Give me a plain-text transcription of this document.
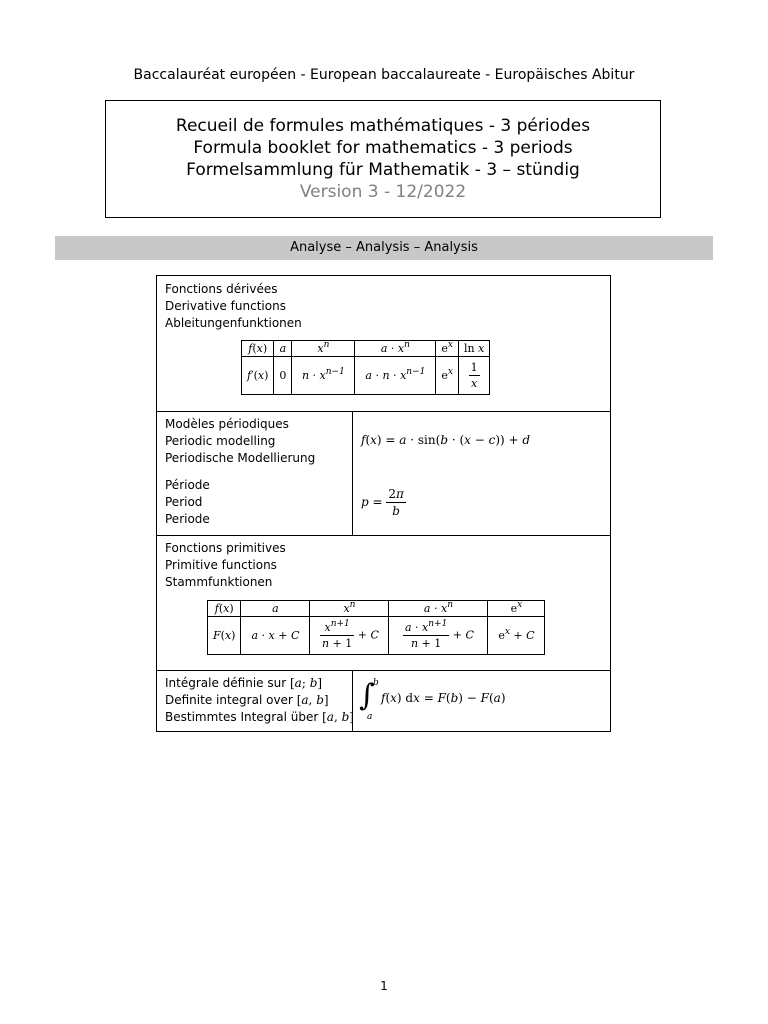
Baccalauréat européen - European baccalaureate - Europäisches Abitur
Recueil de formules mathématiques - 3 périodes
Formula booklet for mathematics - 3 periods
Formelsammlung für Mathematik - 3 – stündig
Version 3 - 12/2022
Analyse – Analysis – Analysis
Fonctions dérivées
Derivative functions
Ableitungenfunktionen
f(x)	a	$x^n$	$a \cdot x^n$	$e^x$	ln x
f′(x)	0	$n \cdot x^{n-1}$	$a \cdot n \cdot x^{n-1}$	$e^x$	$\frac{1}{x}$
Modèles périodiques
Periodic modelling
Periodische Modellierung
Période
Period
Periode
f(x) = a · sin(b · (x − c)) + d
$p = \frac{2\pi}{b}$
Fonctions primitives
Primitive functions
Stammfunktionen
f(x)	a	$x^n$	$a \cdot x^n$	$e^x$
F(x)	a · x + C	$\frac{x^{n+1}}{n + 1} + C$	$\frac{a \cdot x^{n+1}}{n + 1} + C$	$e^x + C$
Intégrale définie sur [a; b]
Definite integral over [a, b]
Bestimmtes Integral über [a, b]
∫
b
a
f(x) dx = F(b) − F(a)
1
